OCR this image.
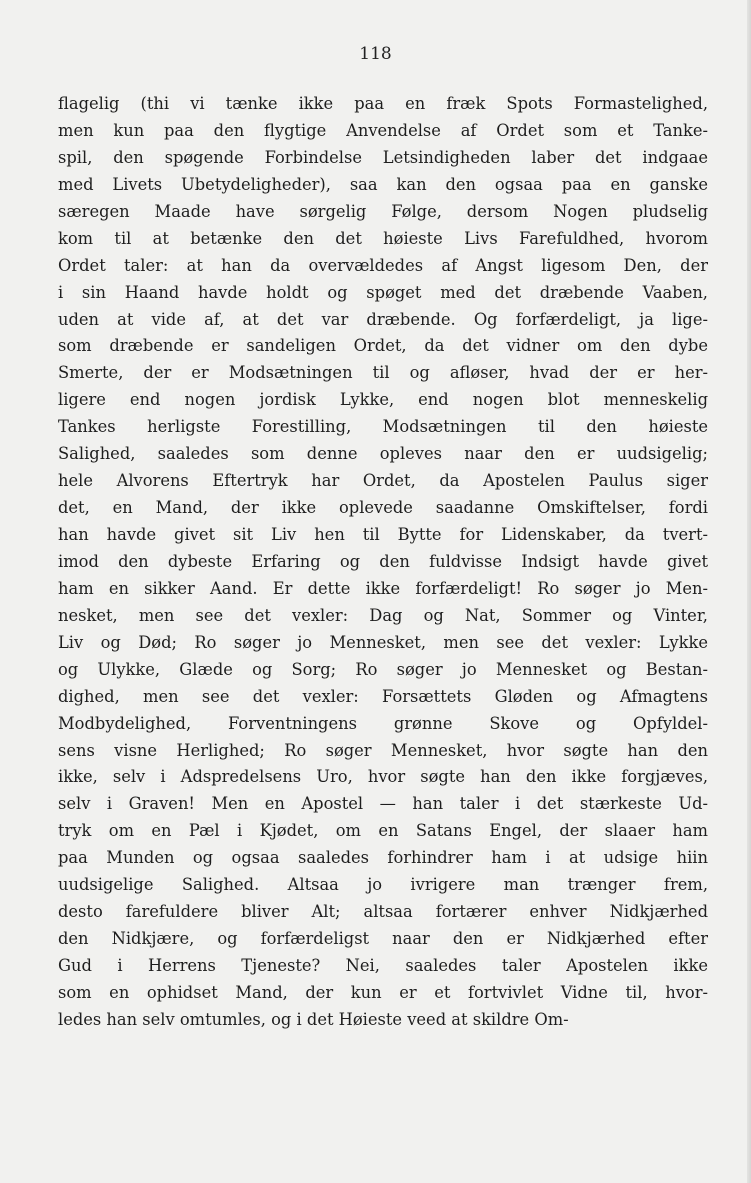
118
flagelig (thi vi tænke ikke paa en fræk Spots Formastelighed,
men kun paa den flygtige Anvendelse af Ordet som et Tanke-
spil, den spøgende Forbindelse Letsindigheden laber det indgaae
med Livets Ubetydeligheder), saa kan den ogsaa paa en ganske
særegen Maade have sørgelig Følge, dersom Nogen pludselig
kom til at betænke den det høieste Livs Farefuldhed, hvorom
Ordet taler: at han da overvældedes af Angst ligesom Den, der
i sin Haand havde holdt og spøget med det dræbende Vaaben,
uden at vide af, at det var dræbende. Og forfærdeligt, ja lige-
som dræbende er sandeligen Ordet, da det vidner om den dybe
Smerte, der er Modsætningen til og afløser, hvad der er her-
ligere end nogen jordisk Lykke, end nogen blot menneskelig
Tankes herligste Forestilling, Modsætningen til den høieste
Salighed, saaledes som denne opleves naar den er uudsigelig;
hele Alvorens Eftertryk har Ordet, da Apostelen Paulus siger
det, en Mand, der ikke oplevede saadanne Omskiftelser, fordi
han havde givet sit Liv hen til Bytte for Lidenskaber, da tvert-
imod den dybeste Erfaring og den fuldvisse Indsigt havde givet
ham en sikker Aand. Er dette ikke forfærdeligt! Ro søger jo Men-
nesket, men see det vexler: Dag og Nat, Sommer og Vinter,
Liv og Død; Ro søger jo Mennesket, men see det vexler: Lykke
og Ulykke, Glæde og Sorg; Ro søger jo Mennesket og Bestan-
dighed, men see det vexler: Forsættets Gløden og Afmagtens
Modbydelighed, Forventningens grønne Skove og Opfyldel-
sens visne Herlighed; Ro søger Mennesket, hvor søgte han den
ikke, selv i Adspredelsens Uro, hvor søgte han den ikke forgjæves,
selv i Graven! Men en Apostel — han taler i det stærkeste Ud-
tryk om en Pæl i Kjødet, om en Satans Engel, der slaaer ham
paa Munden og ogsaa saaledes forhindrer ham i at udsige hiin
uudsigelige Salighed. Altsaa jo ivrigere man trænger frem,
desto farefuldere bliver Alt; altsaa fortærer enhver Nidkjærhed
den Nidkjære, og forfærdeligst naar den er Nidkjærhed efter
Gud i Herrens Tjeneste? Nei, saaledes taler Apostelen ikke
som en ophidset Mand, der kun er et fortvivlet Vidne til, hvor-
ledes han selv omtumles, og i det Høieste veed at skildre Om-
